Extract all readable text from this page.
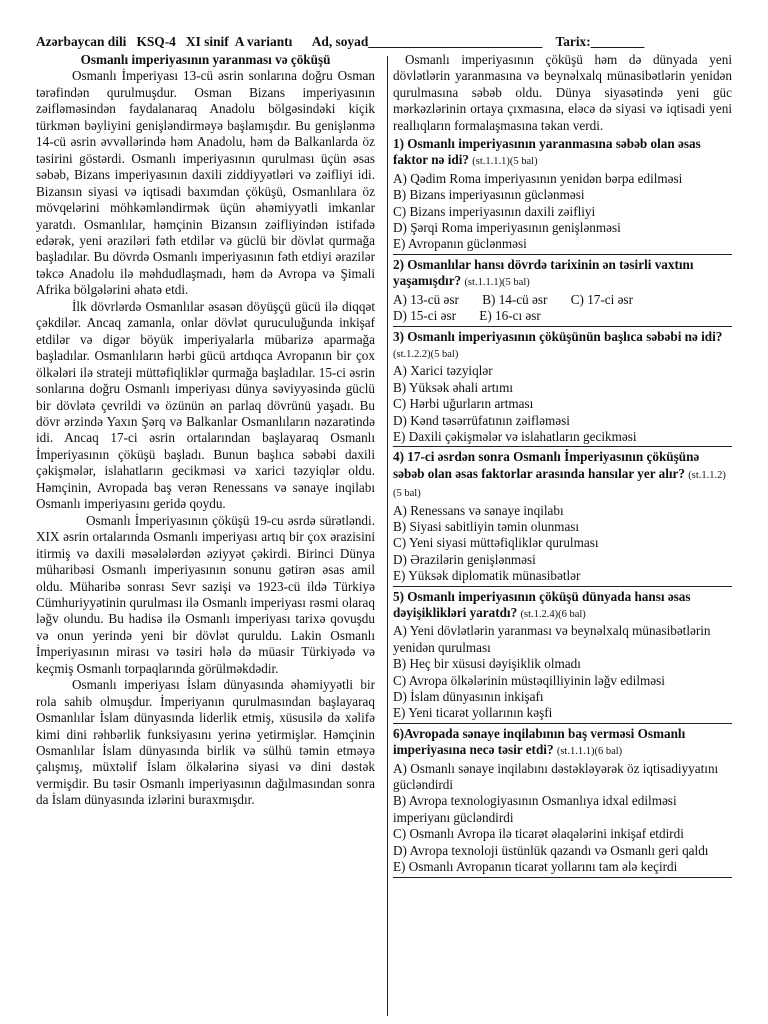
Azərbaycan dili KSQ-4 XI sinif A variantı Ad, soyad__________________________ Tarix:________
Osmanlı imperiyasının yaranması və çöküşü

Osmanlı İmperiyası 13-cü əsrin sonlarına doğru Osman tərəfindən qurulmuşdur. Osman Bizans imperiyasının zəifləməsindən faydalanaraq Anadolu bölgəsindəki kiçik türkmən bəyliyini genişləndirməyə başlamışdır. Bu genişlənmə 14-cü əsrin əvvəllərində həm Anadolu, həm də Balkanlarda öz təsirini göstərdi. Osmanlı imperiyasının qurulması üçün əsas səbəb, Bizans imperiyasının daxili ziddiyyətləri və zəifliyi idi. Bizansın siyasi və iqtisadi baxımdan çöküşü, Osmanlılara öz mövqelərini möhkəmləndirmək üçün əhəmiyyətli imkanlar yaratdı. Osmanlılar, həmçinin Bizansın zəifliyindən istifadə edərək, yeni əraziləri fəth etdilər və güclü bir dövlət qurmağa başladılar. Bu dövrdə Osmanlı imperiyasının fəth etdiyi ərazilər təkcə Anadolu ilə məhdudlaşmadı, həm də Avropa və Şimali Afrika bölgələrini əhatə etdi.

İlk dövrlərdə Osmanlılar əsasən döyüşçü gücü ilə diqqət çəkdilər. Ancaq zamanla, onlar dövlət quruculuğunda inkişaf etdilər və digər böyük imperiyalarla mübarizə aparmağa başladılar. Osmanlıların hərbi gücü artdıqca Avropanın bir çox ölkələri ilə strateji müttəfiqliklər qurmağa başladılar. 15-ci əsrin sonlarına doğru Osmanlı imperiyası dünya səviyyəsində güclü bir dövlətə çevrildi və özünün ən parlaq dövrünü yaşadı. Bu dövr ərzində Yaxın Şərq və Balkanlar Osmanlıların nəzarətində idi. Ancaq 17-ci əsrin ortalarından başlayaraq Osmanlı İmperiyasının çöküşü başladı. Bunun başlıca səbəbi daxili çəkişmələr, islahatların gecikməsi və xarici təzyiqlər oldu. Həmçinin, Avropada baş verən Renessans və sənaye inqilabı Osmanlı imperiyasını geridə qoydu.

Osmanlı İmperiyasının çöküşü 19-cu əsrdə sürətləndi. XIX əsrin ortalarında Osmanlı imperiyası artıq bir çox ərazisini itirmiş və daxili məsələlərdən əziyyət çəkirdi. Birinci Dünya müharibəsi Osmanlı imperiyasının sonunu gətirən əsas amil oldu. Müharibə sonrası Sevr sazişi və 1923-cü ildə Türkiyə Cümhuriyyətinin qurulması ilə Osmanlı imperiyası rəsmi olaraq ləğv olundu. Bu hadisə ilə Osmanlı imperiyası tarixə qovuşdu və onun yerində yeni bir dövlət quruldu. Lakin Osmanlı İmperiyasının mirası və təsiri hələ də müasir Türkiyədə və keçmiş Osmanlı torpaqlarında görülməkdədir.

Osmanlı imperiyası İslam dünyasında əhəmiyyətli bir rola sahib olmuşdur. İmperiyanın qurulmasından başlayaraq Osmanlılar İslam dünyasında liderlik etmiş, xüsusilə də xəlifə kimi dini rəhbərlik funksiyasını yerinə yetirmişlər. Həmçinin Osmanlılar İslam dünyasında birlik və sülhü təmin etməyə çalışmış, müxtəlif İslam ölkələrinə siyasi və dini dəstək vermişdir. Bu təsir Osmanlı imperiyasının dağılmasından sonra da İslam dünyasında izlərini buraxmışdır.

Osmanlı imperiyasının çöküşü həm də dünyada yeni dövlətlərin yaranmasına və beynəlxalq münasibətlərin yenidən qurulmasına səbəb oldu. Dünya siyasətində yeni güc mərkəzlərinin ortaya çıxmasına, eləcə də siyasi və iqtisadi yeni reallıqların formalaşmasına təkan verdi.

1) Osmanlı imperiyasının yaranmasına səbəb olan əsas faktor nə idi? (st.1.1.1)(5 bal)
A) Qədim Roma imperiyasının yenidən bərpa edilməsi
B) Bizans imperiyasının güclənməsi
C) Bizans imperiyasının daxili zəifliyi
D) Şərqi Roma imperiyasının genişlənməsi
E) Avropanın güclənməsi
2) Osmanlılar hansı dövrdə tarixinin ən təsirli vaxtını yaşamışdır? (st.1.1.1)(5 bal)
A) 13-cü əsr B) 14-cü əsr C) 17-ci əsr
D) 15-ci əsr E) 16-cı əsr
3) Osmanlı imperiyasının çöküşünün başlıca səbəbi nə idi? (st.1.2.2)(5 bal)
A) Xarici təzyiqlər
B) Yüksək əhali artımı
C) Hərbi uğurların artması
D) Kənd təsərrüfatının zəifləməsi
E) Daxili çəkişmələr və islahatların gecikməsi
4) 17-ci əsrdən sonra Osmanlı İmperiyasının çöküşünə səbəb olan əsas faktorlar arasında hansılar yer alır? (st.1.1.2)(5 bal)
A) Renessans və sənaye inqilabı
B) Siyasi sabitliyin təmin olunması
C) Yeni siyasi müttəfiqliklər qurulması
D) Ərazilərin genişlənməsi
E) Yüksək diplomatik münasibətlər
5) Osmanlı imperiyasının çöküşü dünyada hansı əsas dəyişiklikləri yaratdı? (st.1.2.4)(6 bal)
A) Yeni dövlətlərin yaranması və beynəlxalq münasibətlərin yenidən qurulması
B) Heç bir xüsusi dəyişiklik olmadı
C) Avropa ölkələrinin müstəqilliyinin ləğv edilməsi
D) İslam dünyasının inkişafı
E) Yeni ticarət yollarının kəşfi
6)Avropada sənaye inqilabının baş verməsi Osmanlı imperiyasına necə təsir etdi? (st.1.1.1)(6 bal)
A) Osmanlı sənaye inqilabını dəstəkləyərək öz iqtisadiyyatını gücləndirdi
B) Avropa texnologiyasının Osmanlıya idxal edilməsi imperiyanı gücləndirdi
C) Osmanlı Avropa ilə ticarət əlaqələrini inkişaf etdirdi
D) Avropa texnoloji üstünlük qazandı və Osmanlı geri qaldı
E) Osmanlı Avropanın ticarət yollarını tam ələ keçirdi
